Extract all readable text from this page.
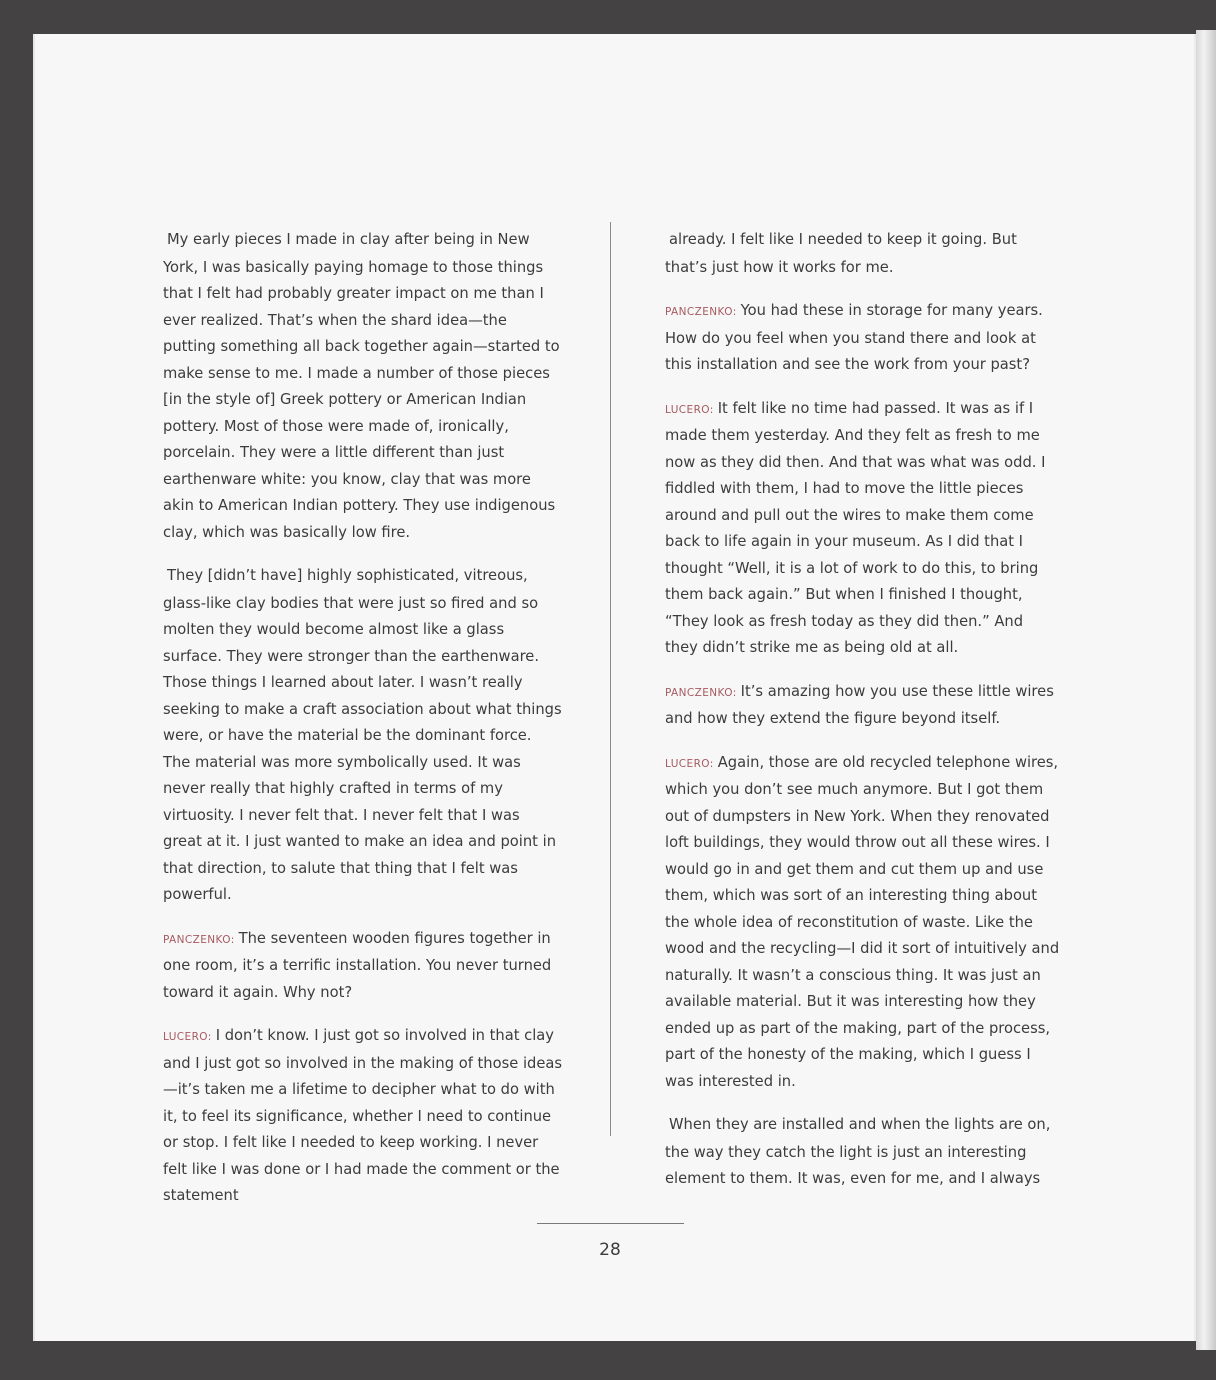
My early pieces I made in clay after being in New York, I was basically paying homage to those things that I felt had probably greater impact on me than I ever realized. That’s when the shard idea—the putting something all back together again—started to make sense to me. I made a number of those pieces [in the style of] Greek pottery or American Indian pottery. Most of those were made of, ironically, porcelain. They were a little different than just earthenware white: you know, clay that was more akin to American Indian pottery. They use indigenous clay, which was basically low fire.

They [didn’t have] highly sophisticated, vitreous, glass-like clay bodies that were just so fired and so molten they would become almost like a glass surface. They were stronger than the earthenware. Those things I learned about later. I wasn’t really seeking to make a craft association about what things were, or have the material be the dominant force. The material was more symbolically used. It was never really that highly crafted in terms of my virtuosity. I never felt that. I never felt that I was great at it. I just wanted to make an idea and point in that direction, to salute that thing that I felt was powerful.

PANCZENKO: The seventeen wooden figures together in one room, it’s a terrific installation. You never turned toward it again. Why not?

LUCERO: I don’t know. I just got so involved in that clay and I just got so involved in the making of those ideas—it’s taken me a lifetime to decipher what to do with it, to feel its significance, whether I need to continue or stop. I felt like I needed to keep working. I never felt like I was done or I had made the comment or the statement

already. I felt like I needed to keep it going. But that’s just how it works for me.

PANCZENKO: You had these in storage for many years. How do you feel when you stand there and look at this installation and see the work from your past?

LUCERO: It felt like no time had passed. It was as if I made them yesterday. And they felt as fresh to me now as they did then. And that was what was odd. I fiddled with them, I had to move the little pieces around and pull out the wires to make them come back to life again in your museum. As I did that I thought “Well, it is a lot of work to do this, to bring them back again.” But when I finished I thought, “They look as fresh today as they did then.” And they didn’t strike me as being old at all.

PANCZENKO: It’s amazing how you use these little wires and how they extend the figure beyond itself.

LUCERO: Again, those are old recycled telephone wires, which you don’t see much anymore. But I got them out of dumpsters in New York. When they renovated loft buildings, they would throw out all these wires. I would go in and get them and cut them up and use them, which was sort of an interesting thing about the whole idea of reconstitution of waste. Like the wood and the recycling—I did it sort of intuitively and naturally. It wasn’t a conscious thing. It was just an available material. But it was interesting how they ended up as part of the making, part of the process, part of the honesty of the making, which I guess I was interested in.

When they are installed and when the lights are on, the way they catch the light is just an interesting element to them. It was, even for me, and I always

28
